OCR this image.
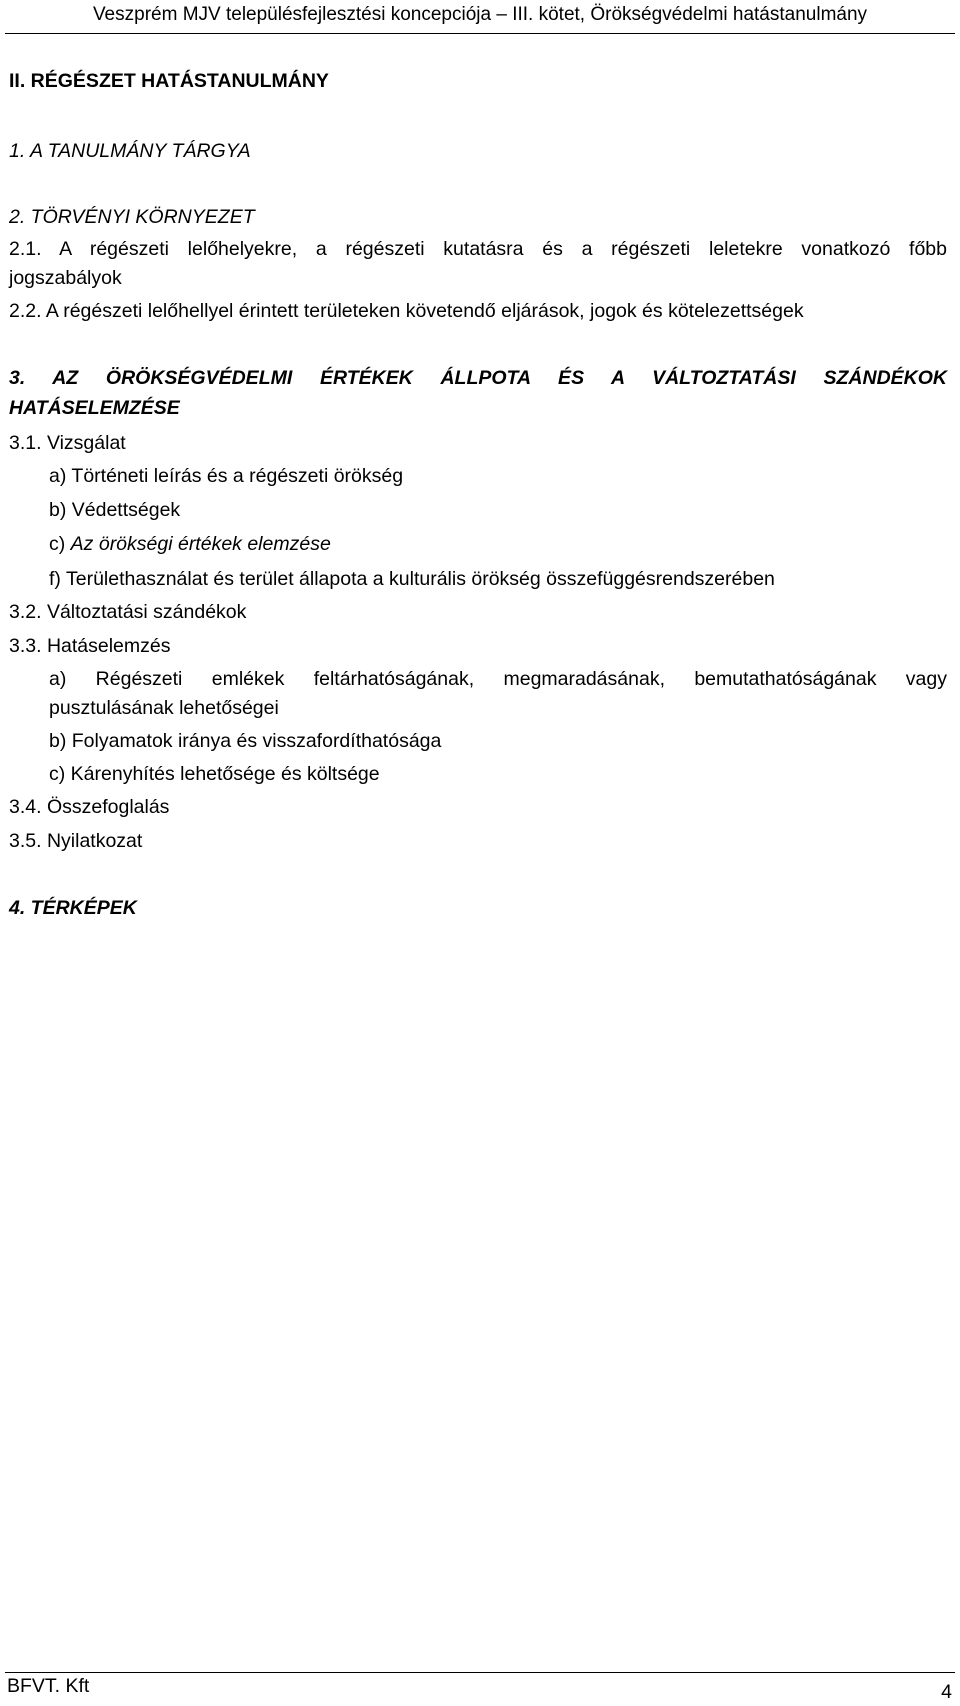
Veszprém MJV településfejlesztési koncepciója – III. kötet, Örökségvédelmi hatástanulmány
II. RÉGÉSZET HATÁSTANULMÁNY
1. A TANULMÁNY TÁRGYA
2. TÖRVÉNYI KÖRNYEZET
2.1. A régészeti lelőhelyekre, a régészeti kutatásra és a régészeti leletekre vonatkozó főbb
jogszabályok
2.2. A régészeti lelőhellyel érintett területeken követendő eljárások, jogok és kötelezettségek
3. AZ ÖRÖKSÉGVÉDELMI ÉRTÉKEK ÁLLPOTA ÉS A VÁLTOZTATÁSI SZÁNDÉKOK
HATÁSELEMZÉSE
3.1. Vizsgálat
a) Történeti leírás és a régészeti örökség
b) Védettségek
c) Az örökségi értékek elemzése
f) Területhasználat és terület állapota a kulturális örökség összefüggésrendszerében
3.2. Változtatási szándékok
3.3. Hatáselemzés
a) Régészeti emlékek feltárhatóságának, megmaradásának, bemutathatóságának vagy
pusztulásának lehetőségei
b) Folyamatok iránya és visszafordíthatósága
c) Kárenyhítés lehetősége és költsége
3.4. Összefoglalás
3.5. Nyilatkozat
4. TÉRKÉPEK
BFVT. Kft	4
